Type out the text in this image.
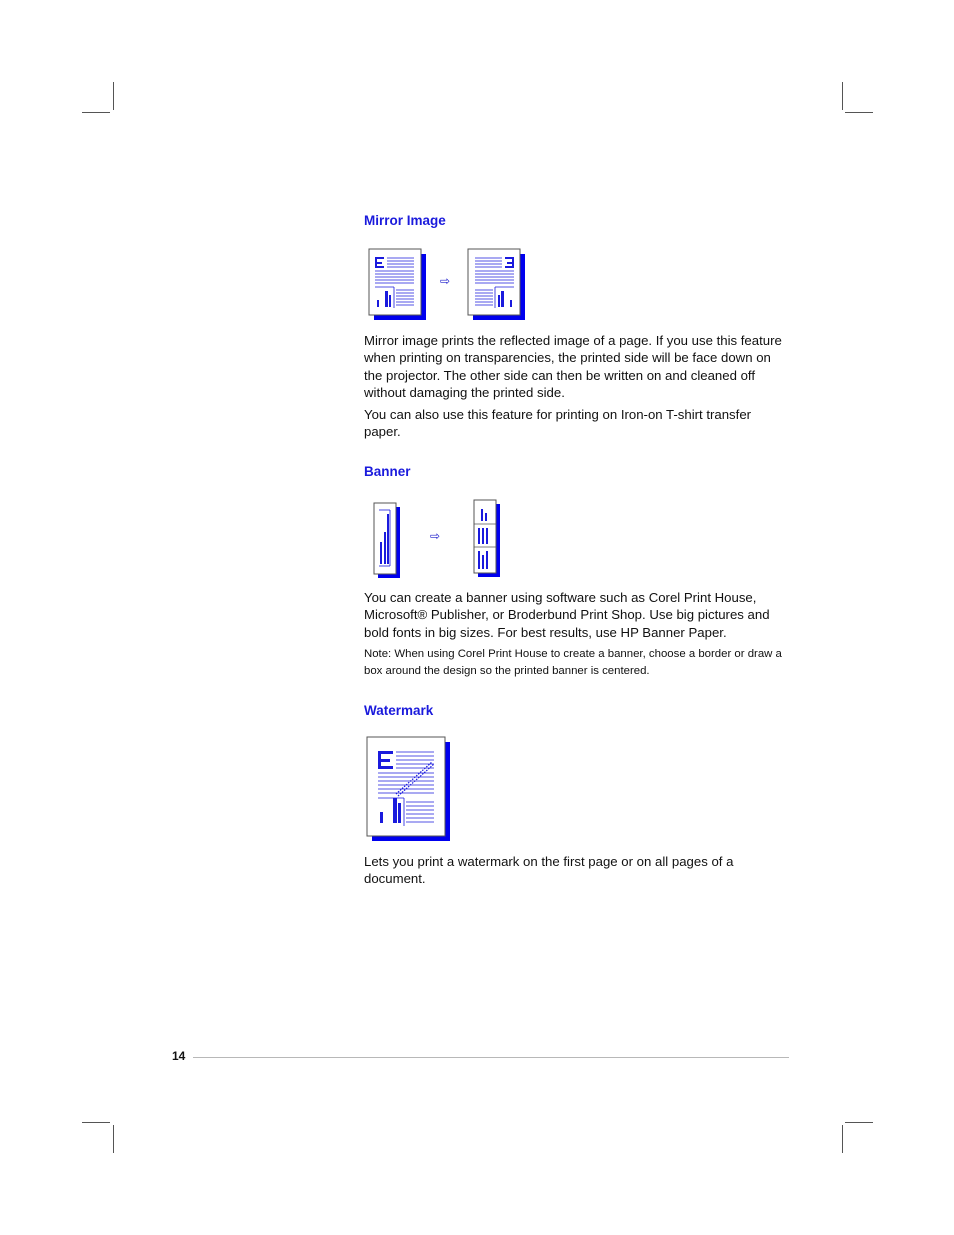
Mirror Image
⇨

Mirror image prints the reflected image of a page. If you use this feature when printing on transparencies, the printed side will be face down on the projector. The other side can then be written on and cleaned off without damaging the printed side.

You can also use this feature for printing on Iron-on T-shirt transfer paper.

Banner
⇨

You can create a banner using software such as Corel Print House, Microsoft® Publisher, or Broderbund Print Shop. Use big pictures and bold fonts in big sizes. For best results, use HP Banner Paper.

Note: When using Corel Print House to create a banner, choose a border or draw a box around the design so the printed banner is centered.

Watermark

Lets you print a watermark on the first page or on all pages of a document.

14
